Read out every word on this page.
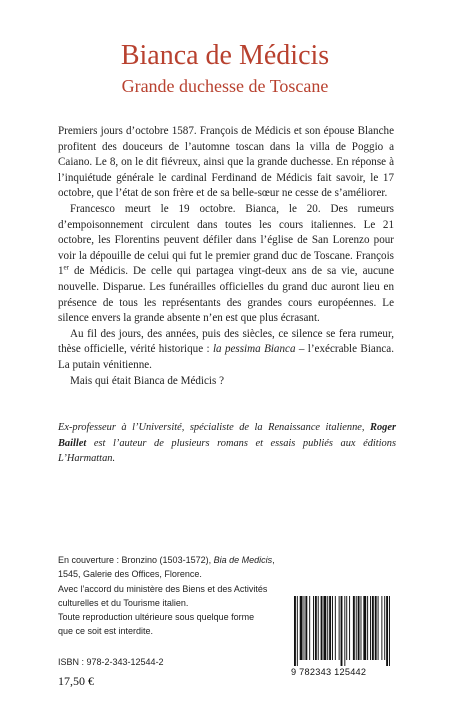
Bianca de Médicis
Grande duchesse de Toscane

Premiers jours d’octobre 1587. François de Médicis et son épouse Blanche profitent des douceurs de l’automne toscan dans la villa de Poggio a Caiano. Le 8, on le dit fiévreux, ainsi que la grande duchesse. En réponse à l’inquiétude générale le cardinal Ferdinand de Médicis fait savoir, le 17 octobre, que l’état de son frère et de sa belle-sœur ne cesse de s’améliorer.

Francesco meurt le 19 octobre. Bianca, le 20. Des rumeurs d’empoisonnement circulent dans toutes les cours italiennes. Le 21 octobre, les Florentins peuvent défiler dans l’église de San Lorenzo pour voir la dépouille de celui qui fut le premier grand duc de Toscane. François 1er de Médicis. De celle qui partagea vingt-deux ans de sa vie, aucune nouvelle. Disparue. Les funérailles officielles du grand duc auront lieu en présence de tous les représentants des grandes cours européennes. Le silence envers la grande absente n’en est que plus écrasant.

Au fil des jours, des années, puis des siècles, ce silence se fera rumeur, thèse officielle, vérité historique : la pessima Bianca – l’exécrable Bianca. La putain vénitienne.

Mais qui était Bianca de Médicis ?

Ex-professeur à l’Université, spécialiste de la Renaissance italienne, Roger Baillet est l’auteur de plusieurs romans et essais publiés aux éditions L’Harmattan.
En couverture : Bronzino (1503-1572), Bia de Medicis,
1545, Galerie des Offices, Florence.
Avec l’accord du ministère des Biens et des Activités
culturelles et du Tourisme italien.
Toute reproduction ultérieure sous quelque forme
que ce soit est interdite.
ISBN : 978-2-343-12544-2
17,50 €
9 782343 125442
